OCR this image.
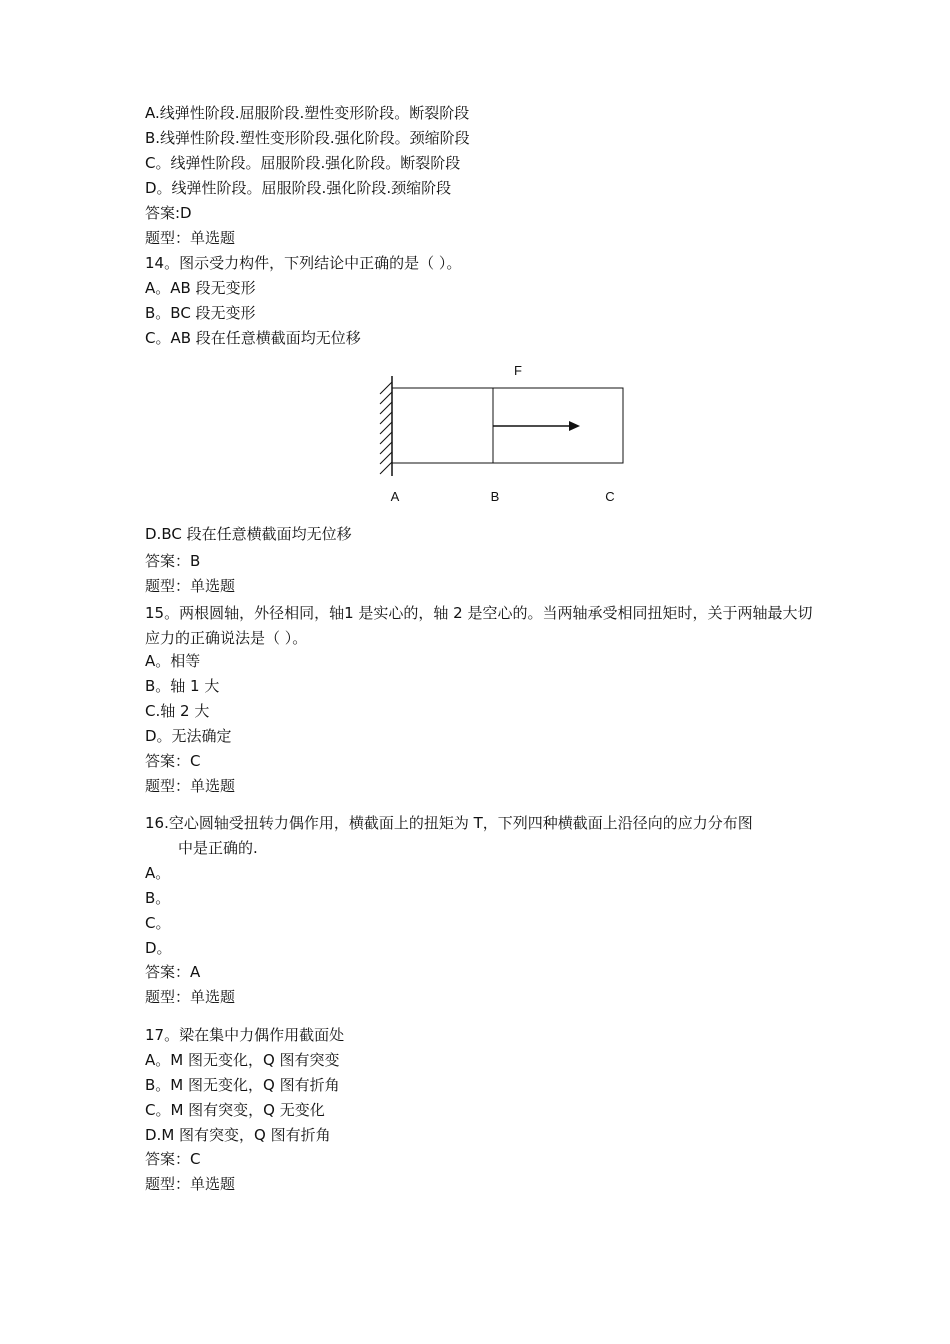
A.线弹性阶段.屈服阶段.塑性变形阶段。断裂阶段
B.线弹性阶段.塑性变形阶段.强化阶段。颈缩阶段
C。线弹性阶段。屈服阶段.强化阶段。断裂阶段
D。线弹性阶段。屈服阶段.强化阶段.颈缩阶段
答案:D
题型：单选题
14。图示受力构件，下列结论中正确的是（ ）。
A。AB 段无变形
B。BC 段无变形
C。AB 段在任意横截面均无位移
F
A	B	C
D.BC 段在任意横截面均无位移
答案：B
题型：单选题
15。两根圆轴，外径相同，轴1 是实心的，轴 2 是空心的。当两轴承受相同扭矩时，关于两轴最大切应力的正确说法是（ ）。
A。相等
B。轴 1 大
C.轴 2 大
D。无法确定
答案：C
题型：单选题
16.空心圆轴受扭转力偶作用，横截面上的扭矩为 T，下列四种横截面上沿径向的应力分布图
中是正确的.
A。
B。
C。
D。
答案：A
题型：单选题
17。梁在集中力偶作用截面处
A。M 图无变化，Q 图有突变
B。M 图无变化，Q 图有折角
C。M 图有突变，Q 无变化
D.M 图有突变，Q 图有折角
答案：C
题型：单选题
